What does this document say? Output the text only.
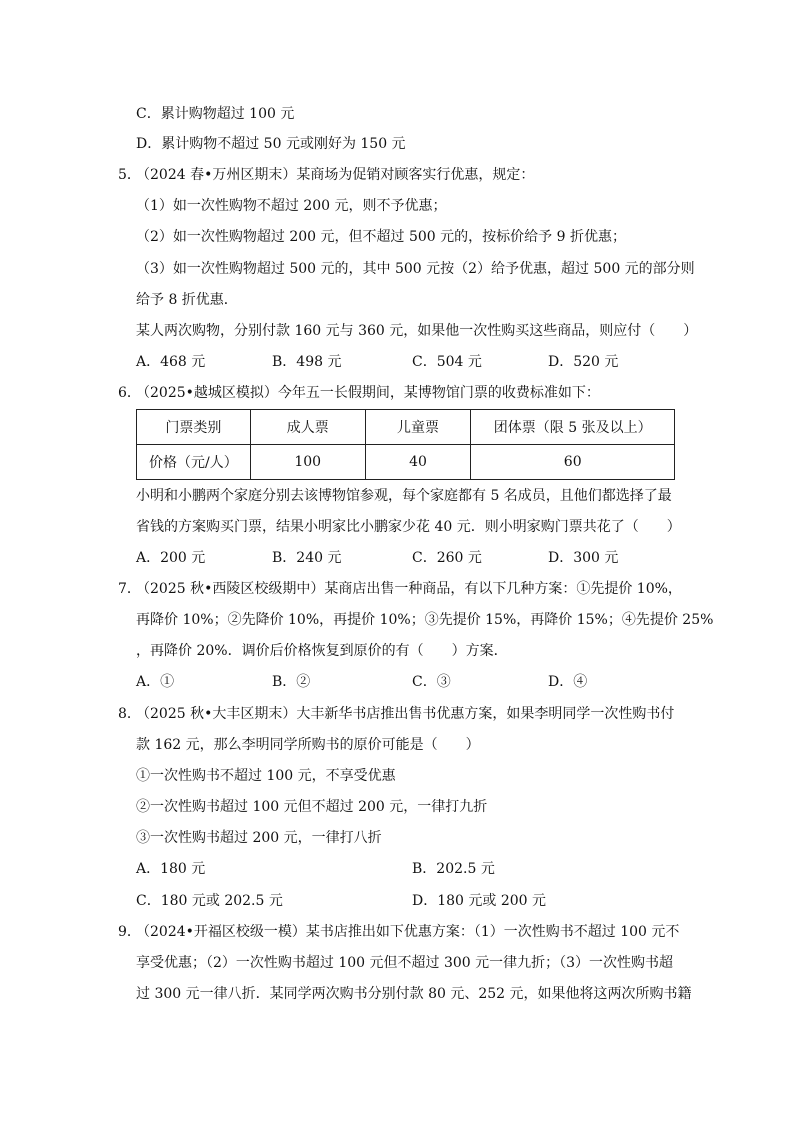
C．累计购物超过 100 元
D．累计购物不超过 50 元或刚好为 150 元
5．
（2024 春•万州区期末）某商场为促销对顾客实行优惠，规定：
（1）如一次性购物不超过 200 元，则不予优惠；
（2）如一次性购物超过 200 元，但不超过 500 元的，按标价给予 9 折优惠；
（3）如一次性购物超过 500 元的，其中 500 元按（2）给予优惠，超过 500 元的部分则
给予 8 折优惠．
某人两次购物，分别付款 160 元与 360 元，如果他一次性购买这些商品，则应付（　　）
A．468 元	B．498 元	C．504 元	D．520 元
6．
（2025•越城区模拟）今年五一长假期间，某博物馆门票的收费标准如下：
门票类别	成人票	儿童票	团体票（限 5 张及以上）
价格（元/人）	100	40	60
小明和小鹏两个家庭分别去该博物馆参观，每个家庭都有 5 名成员，且他们都选择了最
省钱的方案购买门票，结果小明家比小鹏家少花 40 元．则小明家购门票共花了（　　）
A．200 元	B．240 元	C．260 元	D．300 元
7．
（2025 秋•西陵区校级期中）某商店出售一种商品，有以下几种方案：①先提价 10%，
再降价 10%；②先降价 10%，再提价 10%；③先提价 15%，再降价 15%；④先提价 25%
，再降价 20%．调价后价格恢复到原价的有（　　）方案．
A．①	B．②	C．③	D．④
8．
（2025 秋•大丰区期末）大丰新华书店推出售书优惠方案，如果李明同学一次性购书付
款 162 元，那么李明同学所购书的原价可能是（　　）
①一次性购书不超过 100 元，不享受优惠
②一次性购书超过 100 元但不超过 200 元，一律打九折
③一次性购书超过 200 元，一律打八折
A．180 元	B．202.5 元
C．180 元或 202.5 元	D．180 元或 200 元
9．
（2024•开福区校级一模）某书店推出如下优惠方案：（1）一次性购书不超过 100 元不
享受优惠；（2）一次性购书超过 100 元但不超过 300 元一律九折；（3）一次性购书超
过 300 元一律八折．某同学两次购书分别付款 80 元、252 元，如果他将这两次所购书籍
